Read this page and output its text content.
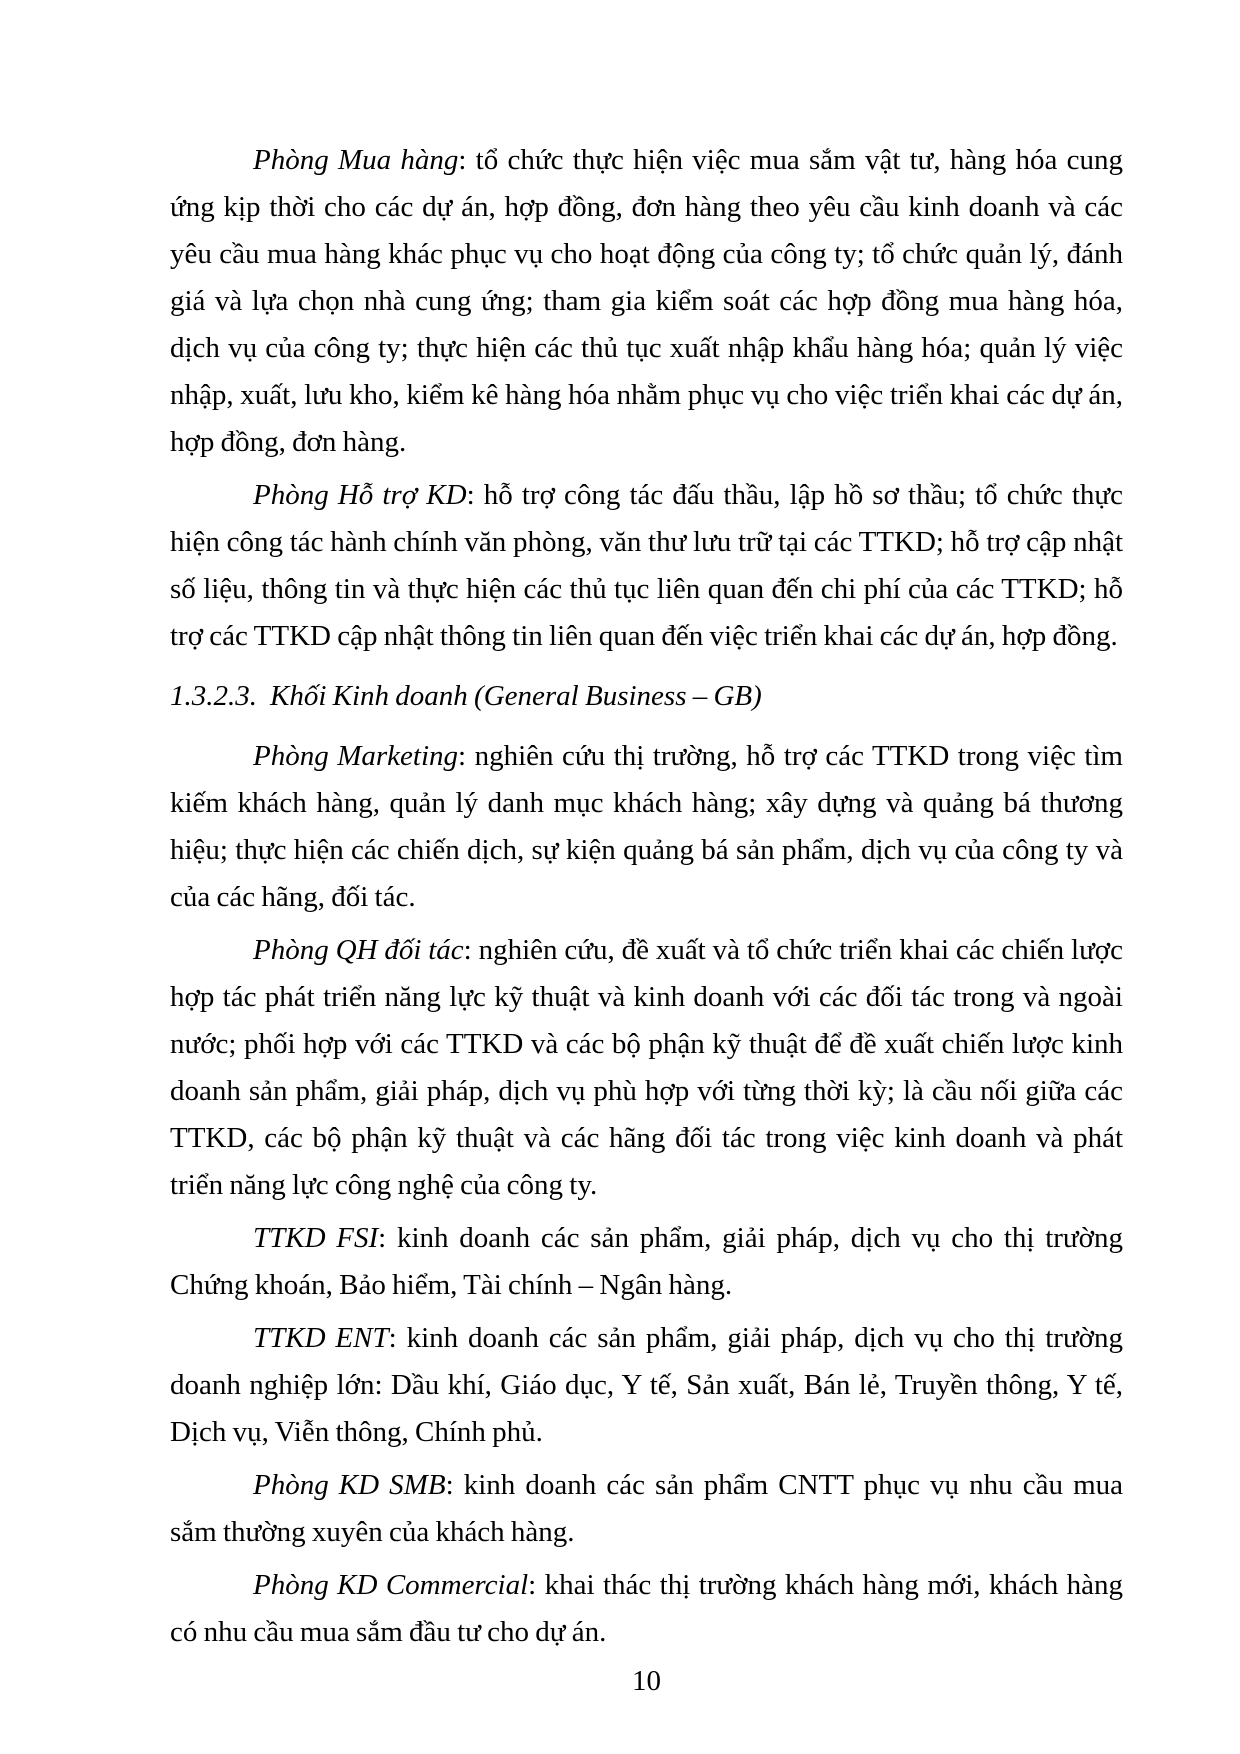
Phòng Mua hàng: tổ chức thực hiện việc mua sắm vật tư, hàng hóa cung ứng kịp thời cho các dự án, hợp đồng, đơn hàng theo yêu cầu kinh doanh và các yêu cầu mua hàng khác phục vụ cho hoạt động của công ty; tổ chức quản lý, đánh giá và lựa chọn nhà cung ứng; tham gia kiểm soát các hợp đồng mua hàng hóa, dịch vụ của công ty; thực hiện các thủ tục xuất nhập khẩu hàng hóa; quản lý việc nhập, xuất, lưu kho, kiểm kê hàng hóa nhằm phục vụ cho việc triển khai các dự án, hợp đồng, đơn hàng.

Phòng Hỗ trợ KD: hỗ trợ công tác đấu thầu, lập hồ sơ thầu; tổ chức thực hiện công tác hành chính văn phòng, văn thư lưu trữ tại các TTKD; hỗ trợ cập nhật số liệu, thông tin và thực hiện các thủ tục liên quan đến chi phí của các TTKD; hỗ trợ các TTKD cập nhật thông tin liên quan đến việc triển khai các dự án, hợp đồng.

1.3.2.3. Khối Kinh doanh (General Business – GB)

Phòng Marketing: nghiên cứu thị trường, hỗ trợ các TTKD trong việc tìm kiếm khách hàng, quản lý danh mục khách hàng; xây dựng và quảng bá thương hiệu; thực hiện các chiến dịch, sự kiện quảng bá sản phẩm, dịch vụ của công ty và của các hãng, đối tác.

Phòng QH đối tác: nghiên cứu, đề xuất và tổ chức triển khai các chiến lược hợp tác phát triển năng lực kỹ thuật và kinh doanh với các đối tác trong và ngoài nước; phối hợp với các TTKD và các bộ phận kỹ thuật để đề xuất chiến lược kinh doanh sản phẩm, giải pháp, dịch vụ phù hợp với từng thời kỳ; là cầu nối giữa các TTKD, các bộ phận kỹ thuật và các hãng đối tác trong việc kinh doanh và phát triển năng lực công nghệ của công ty.

TTKD FSI: kinh doanh các sản phẩm, giải pháp, dịch vụ cho thị trường Chứng khoán, Bảo hiểm, Tài chính – Ngân hàng.

TTKD ENT: kinh doanh các sản phẩm, giải pháp, dịch vụ cho thị trường doanh nghiệp lớn: Dầu khí, Giáo dục, Y tế, Sản xuất, Bán lẻ, Truyền thông, Y tế, Dịch vụ, Viễn thông, Chính phủ.

Phòng KD SMB: kinh doanh các sản phẩm CNTT phục vụ nhu cầu mua sắm thường xuyên của khách hàng.

Phòng KD Commercial: khai thác thị trường khách hàng mới, khách hàng có nhu cầu mua sắm đầu tư cho dự án.

10
